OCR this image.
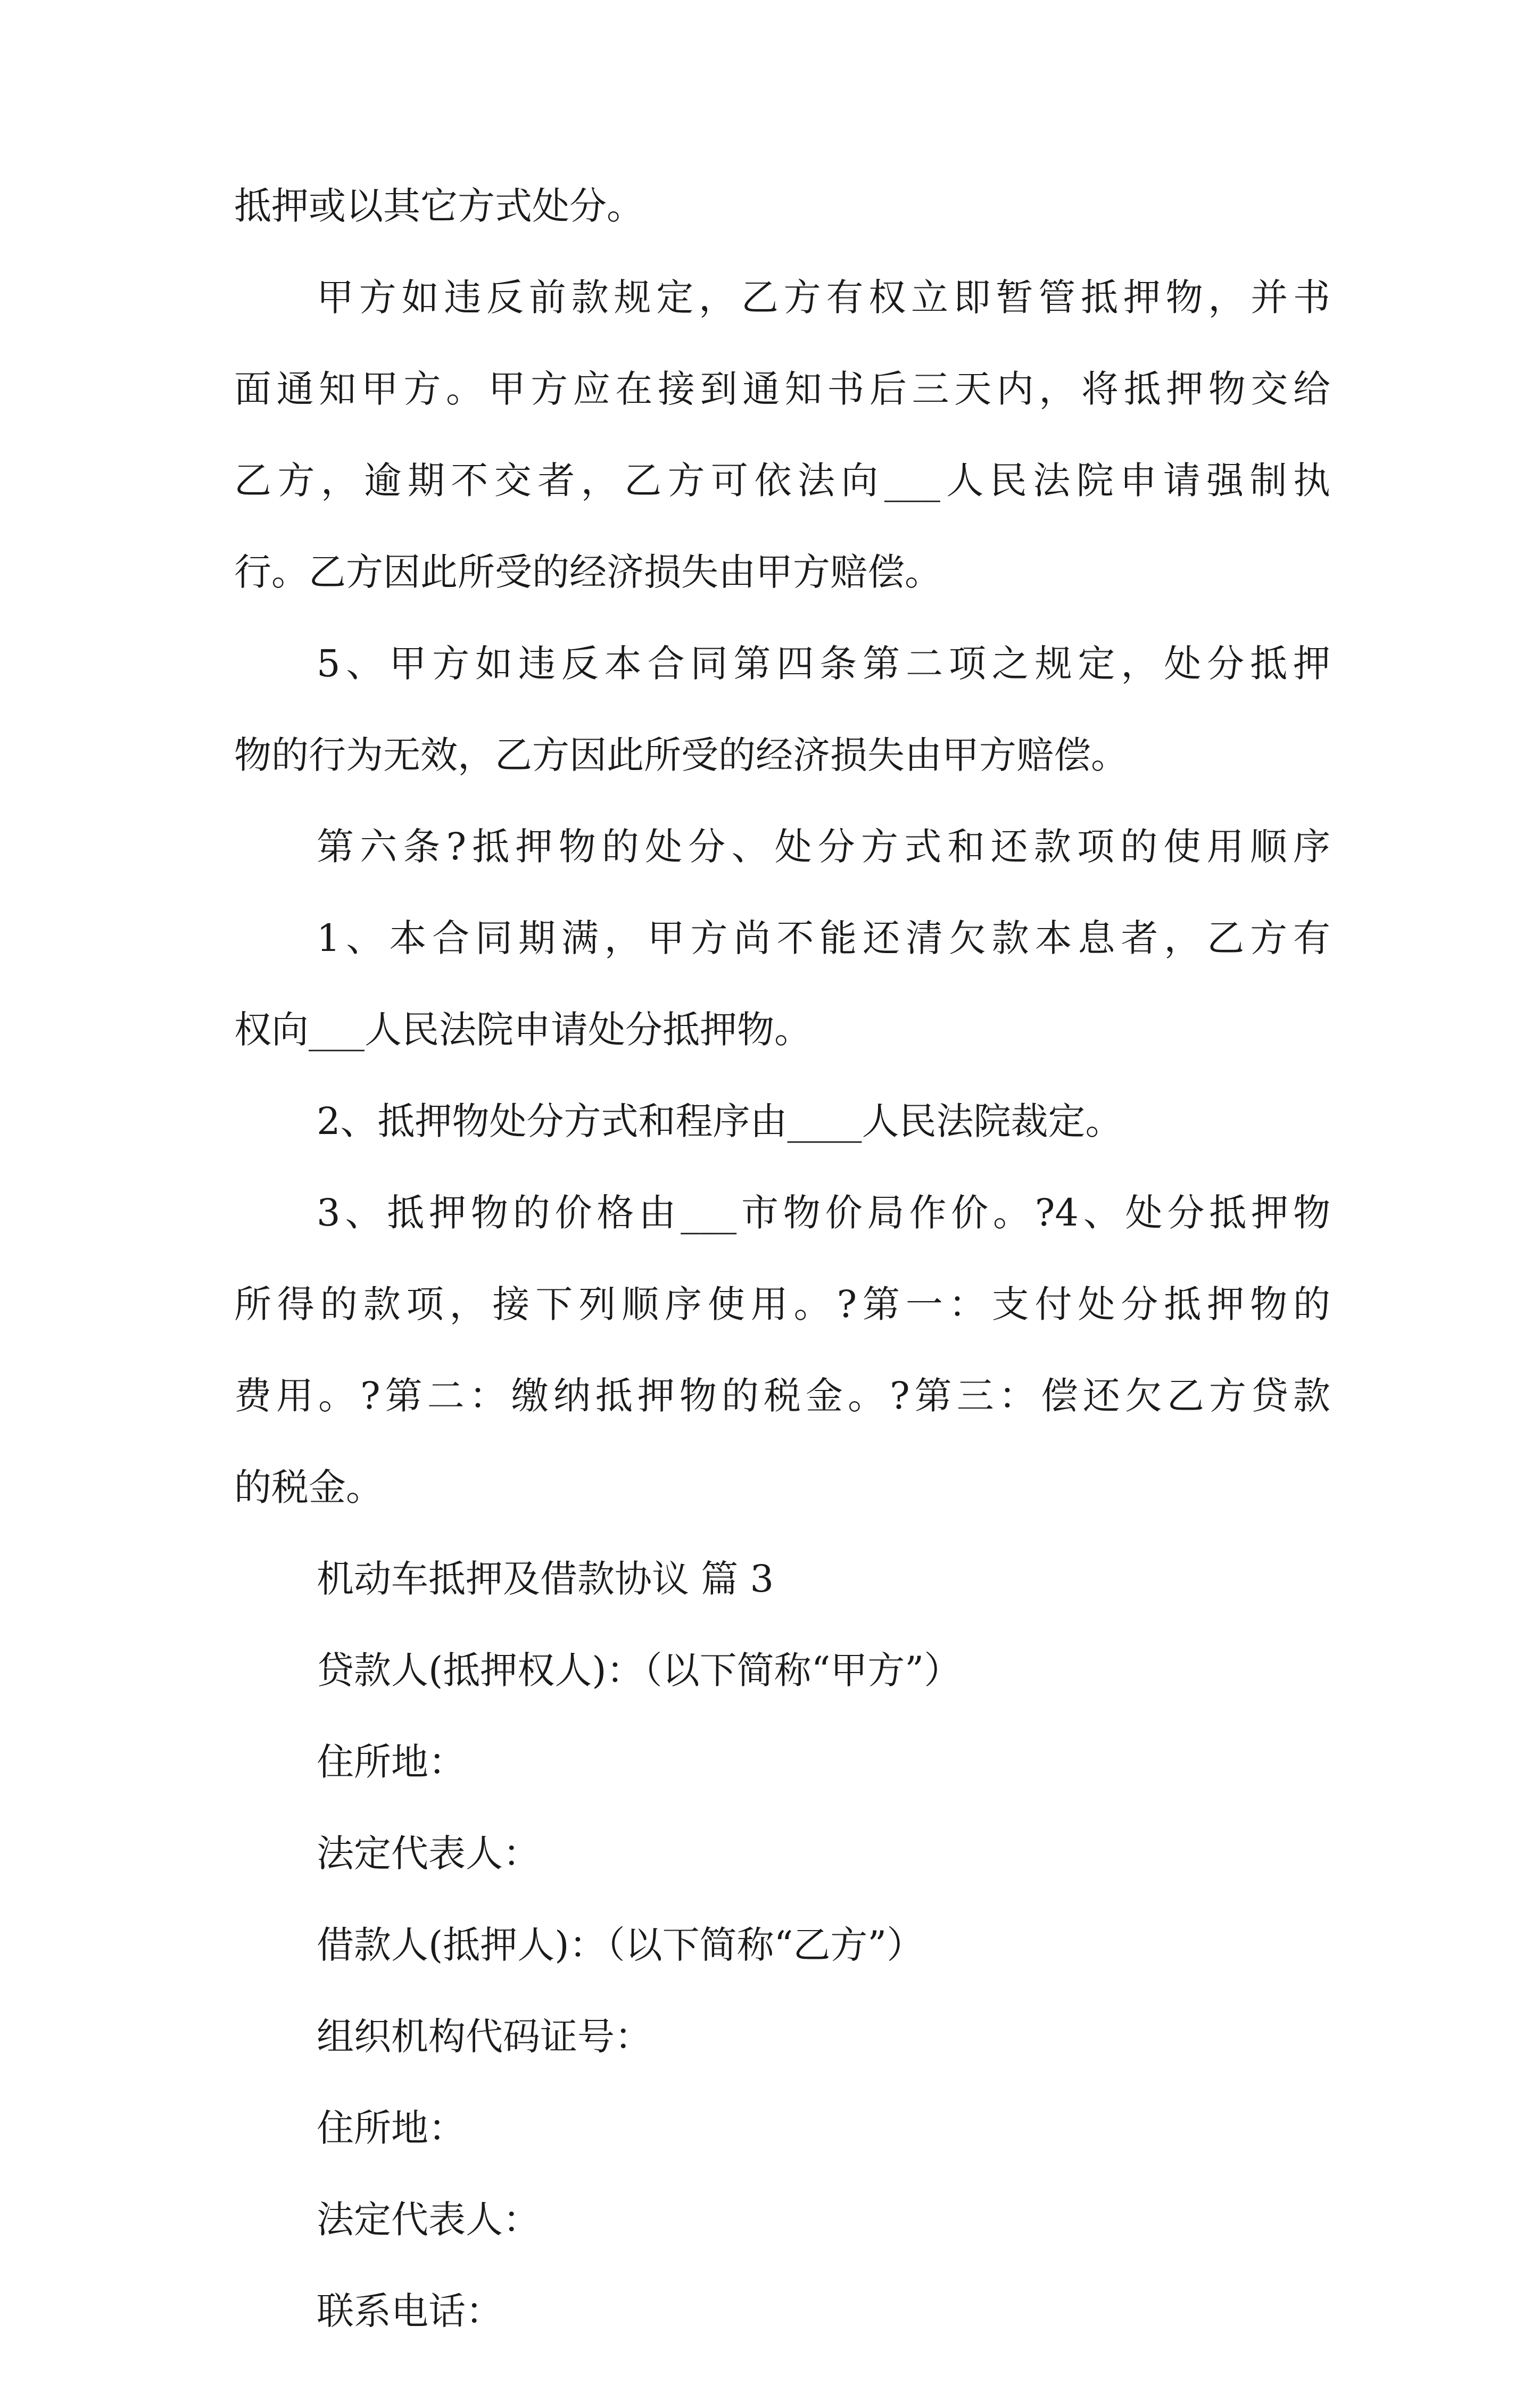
抵押或以其它方式处分。
甲方如违反前款规定，乙方有权立即暂管抵押物，并书
面通知甲方。甲方应在接到通知书后三天内，将抵押物交给
乙方，逾期不交者，乙方可依法向___人民法院申请强制执
行。乙方因此所受的经济损失由甲方赔偿。
5、甲方如违反本合同第四条第二项之规定，处分抵押
物的行为无效，乙方因此所受的经济损失由甲方赔偿。
第六条?抵押物的处分、处分方式和还款项的使用顺序
1、本合同期满，甲方尚不能还清欠款本息者，乙方有
权向___人民法院申请处分抵押物。
2、抵押物处分方式和程序由____人民法院裁定。
3、抵押物的价格由___市物价局作价。?4、处分抵押物
所得的款项，接下列顺序使用。?第一：支付处分抵押物的
费用。?第二：缴纳抵押物的税金。?第三：偿还欠乙方贷款
的税金。
机动车抵押及借款协议 篇 3
贷款人(抵押权人)：（以下简称“甲方”）
住所地：
法定代表人：
借款人(抵押人)：（以下简称“乙方”）
组织机构代码证号：
住所地：
法定代表人：
联系电话：
